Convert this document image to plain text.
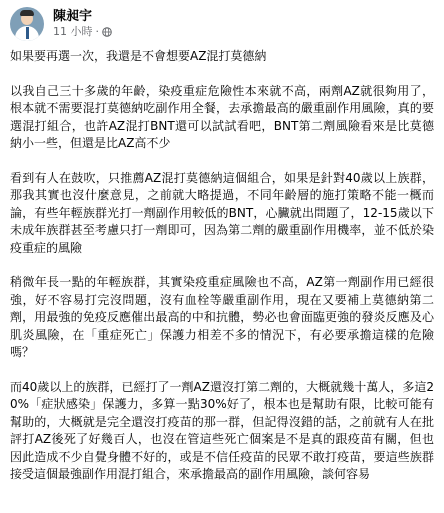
陳昶宇
11 小時 ·

如果要再選一次，我還是不會想要AZ混打莫德納

以我自己三十多歲的年齡，染疫重症危險性本來就不高，兩劑AZ就很夠用了，根本就不需要混打莫德納吃副作用全餐，去承擔最高的嚴重副作用風險，真的要選混打組合，也許AZ混打BNT還可以試試看吧，BNT第二劑風險看來是比莫德納小一些，但還是比AZ高不少

看到有人在鼓吹，只推薦AZ混打莫德納這個組合，如果是針對40歲以上族群，那我其實也沒什麼意見，之前就大略提過，不同年齡層的施打策略不能一概而論，有些年輕族群光打一劑副作用較低的BNT，心臟就出問題了，12-15歲以下未成年族群甚至考慮只打一劑即可，因為第二劑的嚴重副作用機率，並不低於染疫重症的風險

稍微年長一點的年輕族群，其實染疫重症風險也不高，AZ第一劑副作用已經很強，好不容易打完沒問題，沒有血栓等嚴重副作用，現在又要補上莫德納第二劑，用最強的免疫反應催出最高的中和抗體，勢必也會面臨更強的發炎反應及心肌炎風險，在「重症死亡」保護力相差不多的情況下，有必要承擔這樣的危險嗎？

而40歲以上的族群，已經打了一劑AZ還沒打第二劑的，大概就幾十萬人，多這20%「症狀感染」保護力，多算一點30%好了，根本也是幫助有限，比較可能有幫助的，大概就是完全還沒打疫苗的那一群，但記得沒錯的話，之前就有人在批評打AZ後死了好幾百人，也沒在管這些死亡個案是不是真的跟疫苗有關，但也因此造成不少自覺身體不好的，或是不信任疫苗的民眾不敢打疫苗，要這些族群接受這個最強副作用混打組合，來承擔最高的副作用風險，談何容易
